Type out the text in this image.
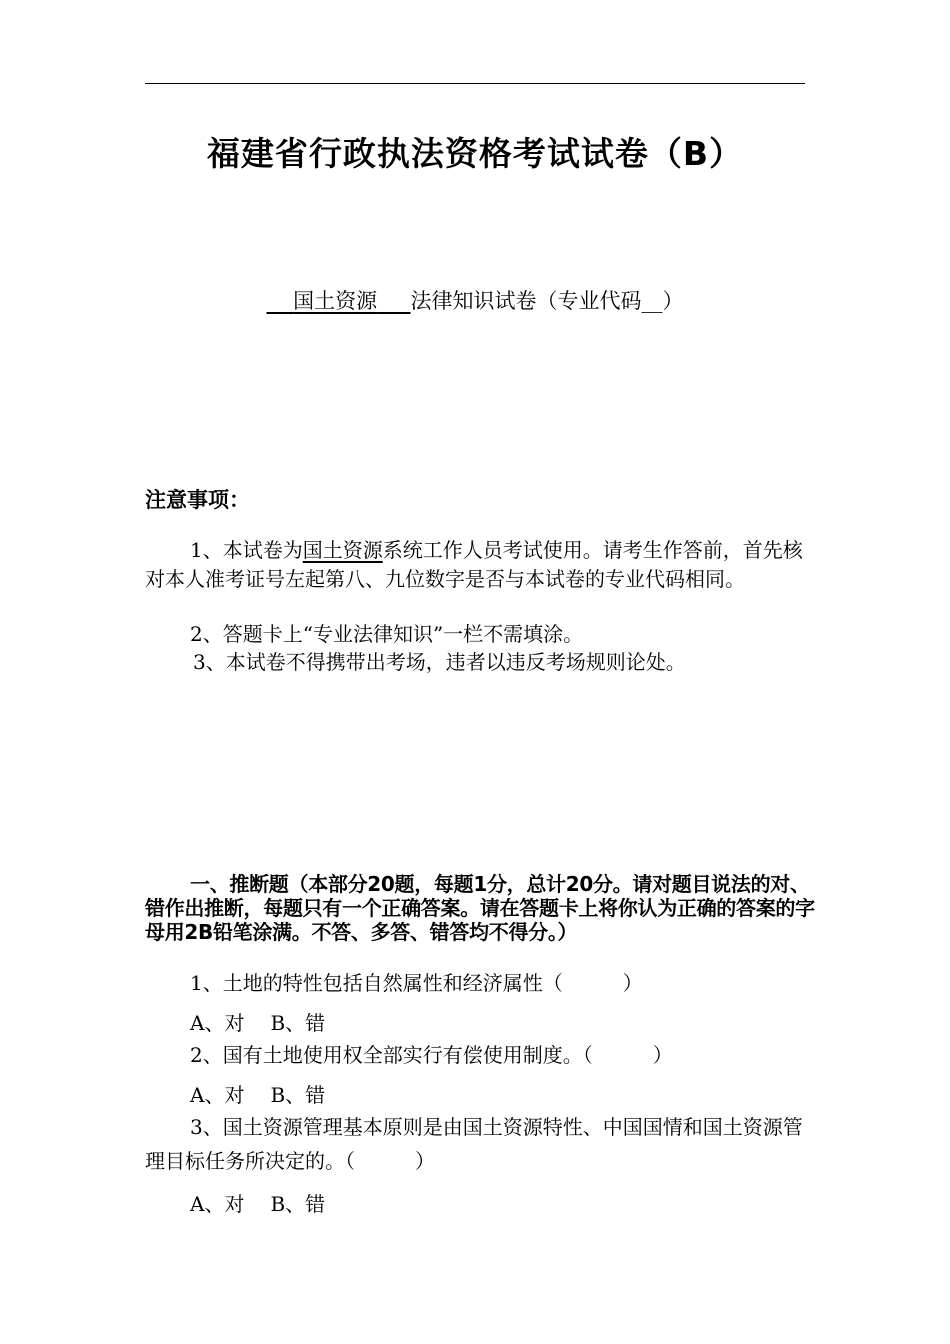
福建省行政执法资格考试试卷（B）
国土资源 法律知识试卷（专业代码__）
注意事项：
1、本试卷为国土资源系统工作人员考试使用。请考生作答前，首先核对本人准考证号左起第八、九位数字是否与本试卷的专业代码相同。
2、答题卡上“专业法律知识”一栏不需填涂。
3、本试卷不得携带出考场，违者以违反考场规则论处。
一、推断题（本部分20题，每题1分，总计20分。请对题目说法的对、错作出推断，每题只有一个正确答案。请在答题卡上将你认为正确的答案的字母用2B铅笔涂满。不答、多答、错答均不得分。）
1、土地的特性包括自然属性和经济属性（　　　）
A、对 B、错
2、国有土地使用权全部实行有偿使用制度。（　　　）
A、对 B、错
3、国土资源管理基本原则是由国土资源特性、中国国情和国土资源管理目标任务所决定的。（　　　）
A、对 B、错
